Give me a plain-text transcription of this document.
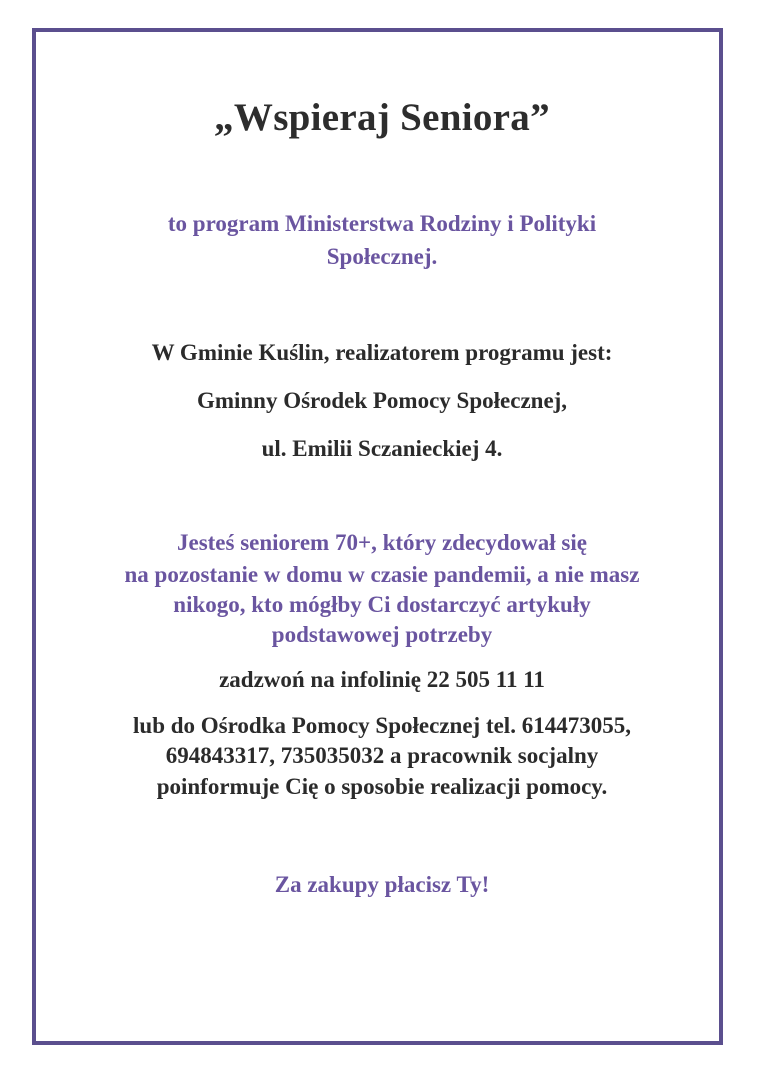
„Wspieraj Seniora”
to program Ministerstwa Rodziny i Polityki
Społecznej.
W Gminie Kuślin, realizatorem programu jest:
Gminny Ośrodek Pomocy Społecznej,
ul. Emilii Sczanieckiej 4.
Jesteś seniorem 70+, który zdecydował się
na pozostanie w domu w czasie pandemii, a nie masz
nikogo, kto mógłby Ci dostarczyć artykuły
podstawowej potrzeby
zadzwoń na infolinię 22 505 11 11
lub do Ośrodka Pomocy Społecznej tel. 614473055,
694843317, 735035032 a pracownik socjalny
poinformuje Cię o sposobie realizacji pomocy.
Za zakupy płacisz Ty!
